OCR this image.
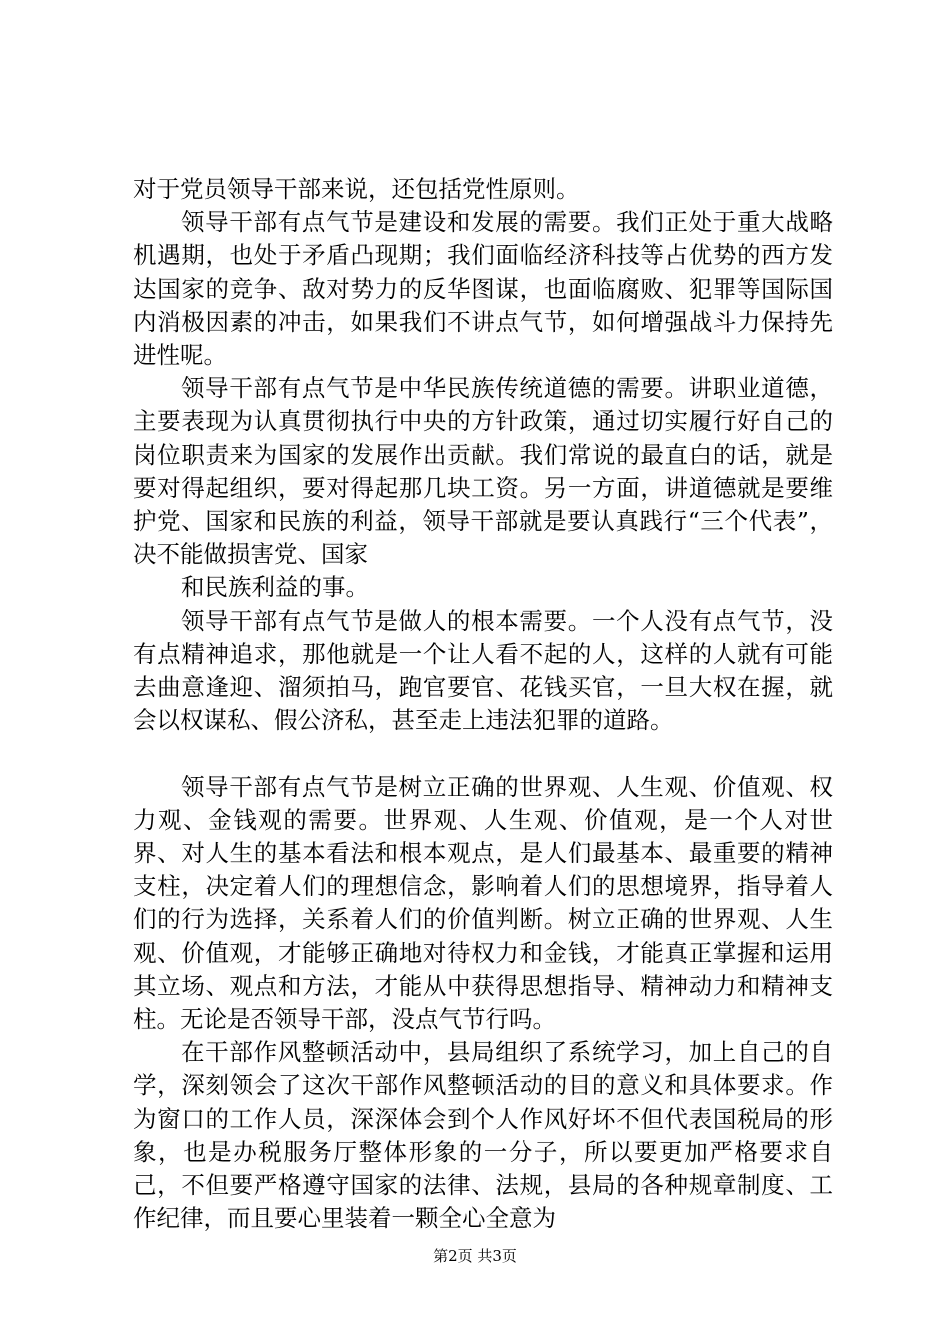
对于党员领导干部来说，还包括党性原则。

领导干部有点气节是建设和发展的需要。我们正处于重大战略机遇期，也处于矛盾凸现期；我们面临经济科技等占优势的西方发达国家的竞争、敌对势力的反华图谋，也面临腐败、犯罪等国际国内消极因素的冲击，如果我们不讲点气节，如何增强战斗力保持先进性呢。

领导干部有点气节是中华民族传统道德的需要。讲职业道德，主要表现为认真贯彻执行中央的方针政策，通过切实履行好自己的岗位职责来为国家的发展作出贡献。我们常说的最直白的话，就是要对得起组织，要对得起那几块工资。另一方面，讲道德就是要维护党、国家和民族的利益，领导干部就是要认真践行“三个代表”，决不能做损害党、国家

和民族利益的事。

领导干部有点气节是做人的根本需要。一个人没有点气节，没有点精神追求，那他就是一个让人看不起的人，这样的人就有可能去曲意逢迎、溜须拍马，跑官要官、花钱买官，一旦大权在握，就会以权谋私、假公济私，甚至走上违法犯罪的道路。

领导干部有点气节是树立正确的世界观、人生观、价值观、权力观、金钱观的需要。世界观、人生观、价值观，是一个人对世界、对人生的基本看法和根本观点，是人们最基本、最重要的精神支柱，决定着人们的理想信念，影响着人们的思想境界，指导着人们的行为选择，关系着人们的价值判断。树立正确的世界观、人生观、价值观，才能够正确地对待权力和金钱，才能真正掌握和运用其立场、观点和方法，才能从中获得思想指导、精神动力和精神支柱。无论是否领导干部，没点气节行吗。

在干部作风整顿活动中，县局组织了系统学习，加上自己的自学，深刻领会了这次干部作风整顿活动的目的意义和具体要求。作为窗口的工作人员，深深体会到个人作风好坏不但代表国税局的形象，也是办税服务厅整体形象的一分子，所以要更加严格要求自己，不但要严格遵守国家的法律、法规，县局的各种规章制度、工作纪律，而且要心里装着一颗全心全意为

第2页 共3页
